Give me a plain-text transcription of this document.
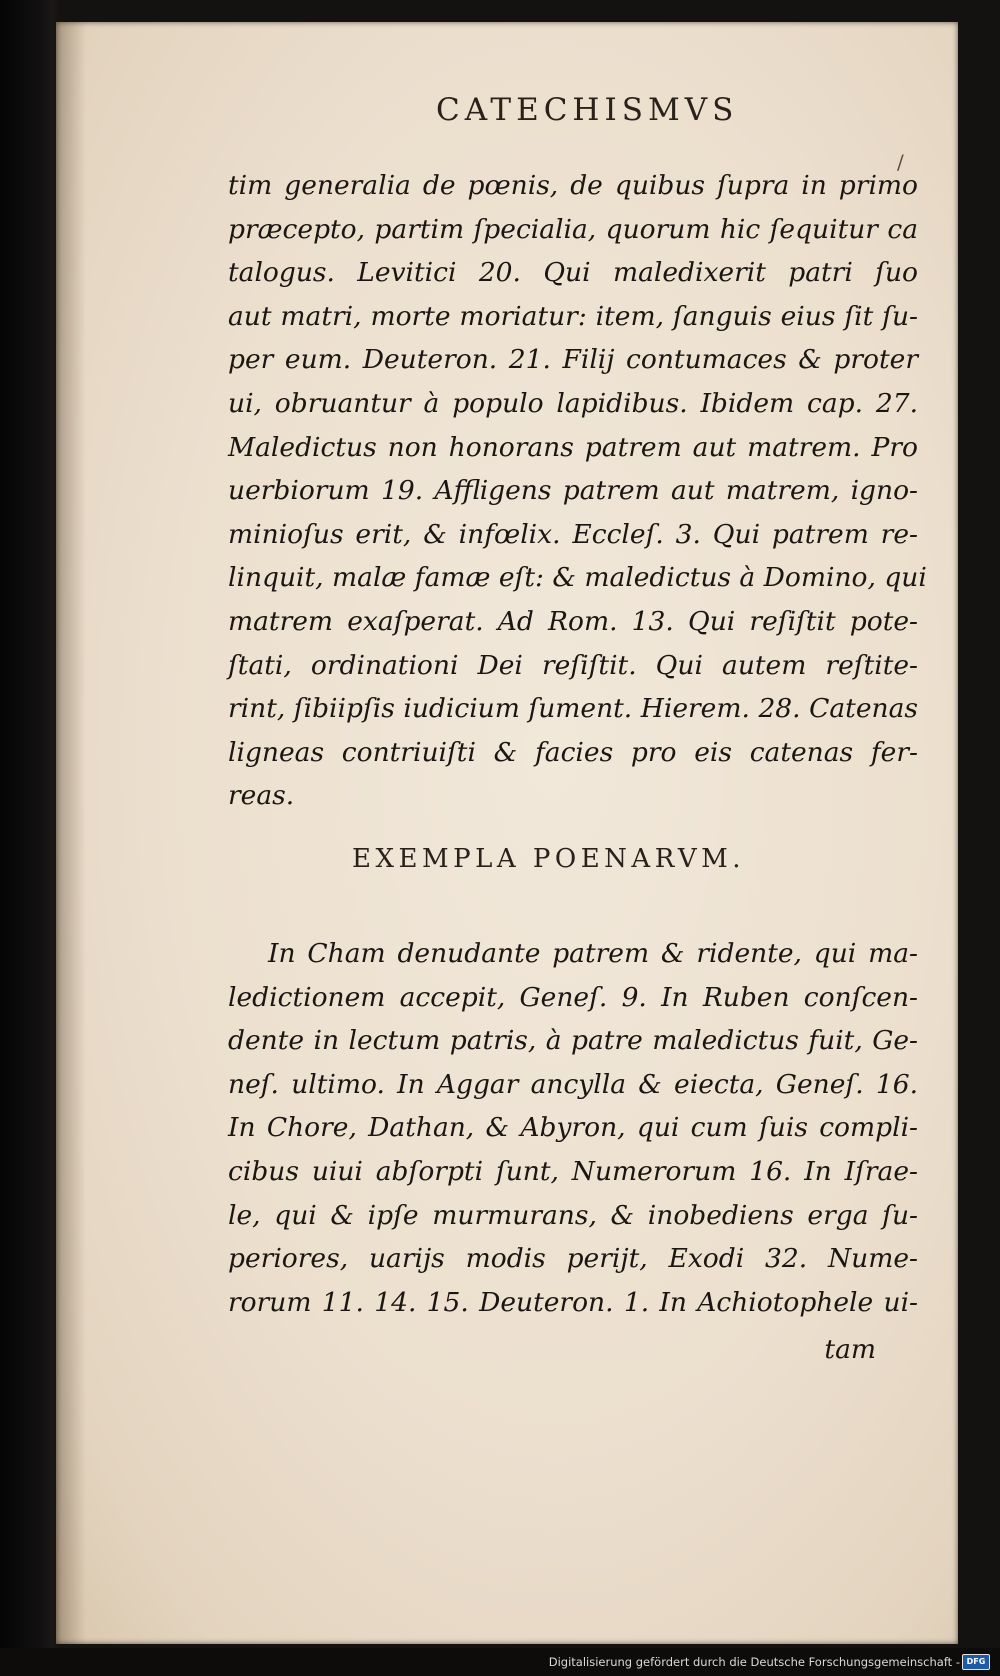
CATECHISMVS
/
tim generalia de pœnis, de quibus ſupra in primo
præcepto, partim ſpecialia, quorum hic ſequitur ca
talogus. Levitici 20. Qui maledixerit patri ſuo
aut matri, morte moriatur: item, ſanguis eius ſit ſu-
per eum. Deuteron. 21. Filij contumaces & proter
ui, obruantur à populo lapidibus. Ibidem cap. 27.
Maledictus non honorans patrem aut matrem. Pro
uerbiorum 19. Affligens patrem aut matrem, igno-
minioſus erit, & infœlix. Eccleſ. 3. Qui patrem re-
linquit, malæ famæ eſt: & maledictus à Domino, qui
matrem exaſperat. Ad Rom. 13. Qui reſiſtit pote-
ſtati, ordinationi Dei reſiſtit. Qui autem reſtite-
rint, ſibiipſis iudicium ſument. Hierem. 28. Catenas
ligneas contriuiſti & facies pro eis catenas fer-
reas.
EXEMPLA POENARVM.
In Cham denudante patrem & ridente, qui ma-
ledictionem accepit, Geneſ. 9. In Ruben conſcen-
dente in lectum patris, à patre maledictus fuit, Ge-
neſ. ultimo. In Aggar ancylla & eiecta, Geneſ. 16.
In Chore, Dathan, & Abyron, qui cum ſuis compli-
cibus uiui abſorpti ſunt, Numerorum 16. In Iſrae-
le, qui & ipſe murmurans, & inobediens erga ſu-
periores, uarijs modis perijt, Exodi 32. Nume-
rorum 11. 14. 15. Deuteron. 1. In Achiotophele ui-
tam
Digitalisierung gefördert durch die Deutsche Forschungsgemeinschaft - DFG
